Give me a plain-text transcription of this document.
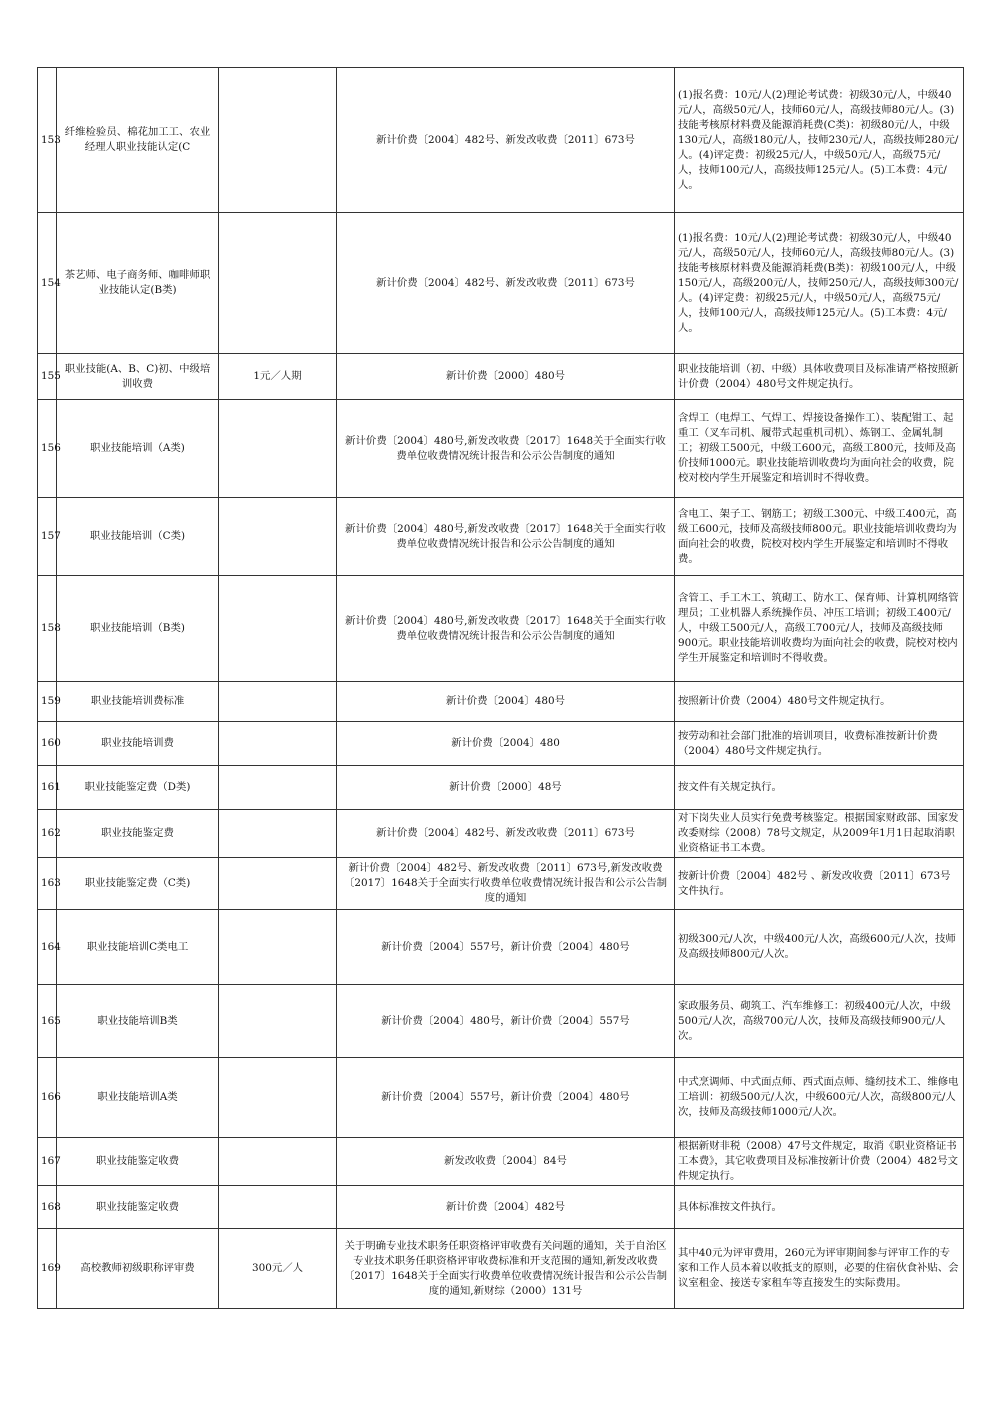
153	纤维检验员、棉花加工工、农业经理人职业技能认定(C		新计价费〔2004〕482号、新发改收费〔2011〕673号	(1)报名费：10元/人(2)理论考试费：初级30元/人，中级40元/人，高级50元/人，技师60元/人，高级技师80元/人。(3)技能考核原材料费及能源消耗费(C类)：初级80元/人，中级130元/人，高级180元/人，技师230元/人，高级技师280元/人。(4)评定费：初级25元/人，中级50元/人，高级75元/人，技师100元/人，高级技师125元/人。(5)工本费：4元/人。
154	茶艺师、电子商务师、咖啡师职业技能认定(B类)		新计价费〔2004〕482号、新发改收费〔2011〕673号	(1)报名费：10元/人(2)理论考试费：初级30元/人，中级40元/人，高级50元/人，技师60元/人，高级技师80元/人。(3)技能考核原材料费及能源消耗费(B类)：初级100元/人，中级150元/人，高级200元/人，技师250元/人，高级技师300元/人。(4)评定费：初级25元/人，中级50元/人，高级75元/人，技师100元/人，高级技师125元/人。(5)工本费：4元/人。
155	职业技能(A、B、C)初、中级培训收费	1元／人期	新计价费〔2000〕480号	职业技能培训（初、中级）具体收费项目及标准请严格按照新计价费（2004）480号文件规定执行。
156	职业技能培训（A类)		新计价费〔2004〕480号,新发改收费〔2017〕1648关于全面实行收费单位收费情况统计报告和公示公告制度的通知	含焊工（电焊工、气焊工、焊接设备操作工）、装配钳工、起重工（叉车司机、履带式起重机司机）、炼钢工、金属轧制工；初级工500元，中级工600元，高级工800元，技师及高价技师1000元。职业技能培训收费均为面向社会的收费，院校对校内学生开展鉴定和培训时不得收费。
157	职业技能培训（C类)		新计价费〔2004〕480号,新发改收费〔2017〕1648关于全面实行收费单位收费情况统计报告和公示公告制度的通知	含电工、架子工、钢筋工；初级工300元、中级工400元，高级工600元，技师及高级技师800元。职业技能培训收费均为面向社会的收费，院校对校内学生开展鉴定和培训时不得收费。
158	职业技能培训（B类)		新计价费〔2004〕480号,新发改收费〔2017〕1648关于全面实行收费单位收费情况统计报告和公示公告制度的通知	含管工、手工木工、筑砌工、防水工、保育师、计算机网络管理员；工业机器人系统操作员、冲压工培训；初级工400元/人，中级工500元/人，高级工700元/人，技师及高级技师900元。职业技能培训收费均为面向社会的收费，院校对校内学生开展鉴定和培训时不得收费。
159	职业技能培训费标准		新计价费〔2004〕480号	按照新计价费（2004）480号文件规定执行。
160	职业技能培训费		新计价费〔2004〕480	按劳动和社会部门批准的培训项目，收费标准按新计价费（2004）480号文件规定执行。
161	职业技能鉴定费（D类)		新计价费〔2000〕48号	按文件有关规定执行。
162	职业技能鉴定费		新计价费〔2004〕482号、新发改收费〔2011〕673号	对下岗失业人员实行免费考核鉴定。根据国家财政部、国家发改委财综（2008）78号文规定，从2009年1月1日起取消职业资格证书工本费。
163	职业技能鉴定费（C类)		新计价费〔2004〕482号、新发改收费〔2011〕673号,新发改收费〔2017〕1648关于全面实行收费单位收费情况统计报告和公示公告制度的通知	按新计价费〔2004〕482号 、新发改收费〔2011〕673号文件执行。
164	职业技能培训C类电工		新计价费〔2004〕557号，新计价费〔2004〕480号	初级300元/人次，中级400元/人次，高级600元/人次，技师及高级技师800元/人次。
165	职业技能培训B类		新计价费〔2004〕480号，新计价费〔2004〕557号	家政服务员、砌筑工、汽车维修工：初级400元/人次，中级500元/人次，高级700元/人次，技师及高级技师900元/人次。
166	职业技能培训A类		新计价费〔2004〕557号，新计价费〔2004〕480号	中式烹调师、中式面点师、西式面点师、缝纫技术工、维修电工培训：初级500元/人次，中级600元/人次，高级800元/人次，技师及高级技师1000元/人次。
167	职业技能鉴定收费		新发改收费〔2004〕84号	根据新财非税（2008）47号文件规定，取消《职业资格证书工本费》，其它收费项目及标准按新计价费（2004）482号文件规定执行。
168	职业技能鉴定收费		新计价费〔2004〕482号	具体标准按文件执行。
169	高校教师初级职称评审费	300元／人	关于明确专业技术职务任职资格评审收费有关问题的通知，关于自治区专业技术职务任职资格评审收费标准和开支范围的通知,新发改收费〔2017〕1648关于全面实行收费单位收费情况统计报告和公示公告制度的通知,新财综（2000）131号	其中40元为评审费用，260元为评审期间参与评审工作的专家和工作人员本着以收抵支的原则，必要的住宿伙食补贴、会议室租金、接送专家租车等直接发生的实际费用。
